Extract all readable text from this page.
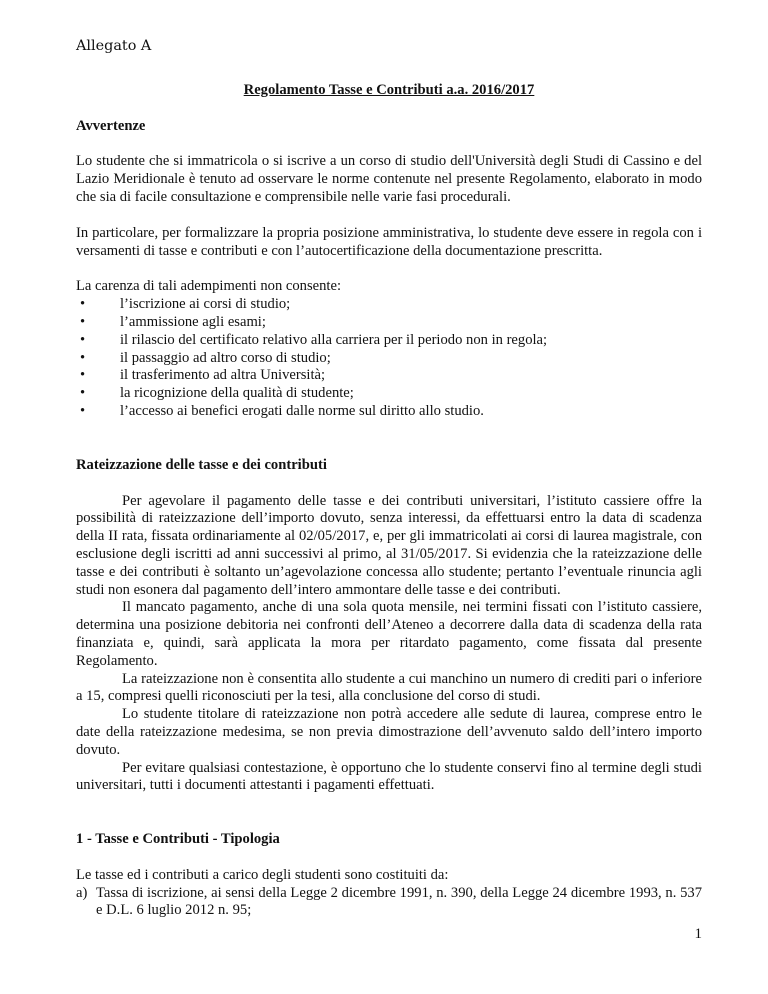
Allegato A
Regolamento Tasse e Contributi a.a. 2016/2017
Avvertenze

Lo studente che si immatricola o si iscrive a un corso di studio dell'Università degli Studi di Cassino e del Lazio Meridionale è tenuto ad osservare le norme contenute nel presente Regolamento, elaborato in modo che sia di facile consultazione e comprensibile nelle varie fasi procedurali.

In particolare, per formalizzare la propria posizione amministrativa, lo studente deve essere in regola con i versamenti di tasse e contributi e con l’autocertificazione della documentazione prescritta.

La carenza di tali adempimenti non consente:

• l’iscrizione ai corsi di studio;
• l’ammissione agli esami;
• il rilascio del certificato relativo alla carriera per il periodo non in regola;
• il passaggio ad altro corso di studio;
• il trasferimento ad altra Università;
• la ricognizione della qualità di studente;
• l’accesso ai benefici erogati dalle norme sul diritto allo studio.
Rateizzazione delle tasse e dei contributi

Per agevolare il pagamento delle tasse e dei contributi universitari, l’istituto cassiere offre la possibilità di rateizzazione dell’importo dovuto, senza interessi, da effettuarsi entro la data di scadenza della II rata, fissata ordinariamente al 02/05/2017, e, per gli immatricolati ai corsi di laurea magistrale, con esclusione degli iscritti ad anni successivi al primo, al 31/05/2017. Si evidenzia che la rateizzazione delle tasse e dei contributi è soltanto un’agevolazione concessa allo studente; pertanto l’eventuale rinuncia agli studi non esonera dal pagamento dell’intero ammontare delle tasse e dei contributi.

Il mancato pagamento, anche di una sola quota mensile, nei termini fissati con l’istituto cassiere, determina una posizione debitoria nei confronti dell’Ateneo a decorrere dalla data di scadenza della rata finanziata e, quindi, sarà applicata la mora per ritardato pagamento, come fissata dal presente Regolamento.

La rateizzazione non è consentita allo studente a cui manchino un numero di crediti pari o inferiore a 15, compresi quelli riconosciuti per la tesi, alla conclusione del corso di studi.

Lo studente titolare di rateizzazione non potrà accedere alle sedute di laurea, comprese entro le date della rateizzazione medesima, se non previa dimostrazione dell’avvenuto saldo dell’intero importo dovuto.

Per evitare qualsiasi contestazione, è opportuno che lo studente conservi fino al termine degli studi universitari, tutti i documenti attestanti i pagamenti effettuati.

1 - Tasse e Contributi - Tipologia

Le tasse ed i contributi a carico degli studenti sono costituiti da:

a) Tassa di iscrizione, ai sensi della Legge 2 dicembre 1991, n. 390, della Legge 24 dicembre 1993, n. 537 e D.L. 6 luglio 2012 n. 95;
1
